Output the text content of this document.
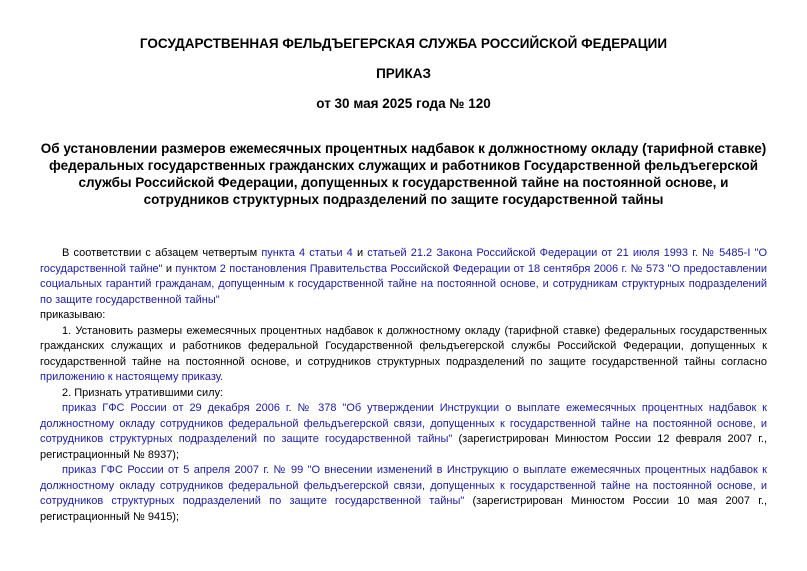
ГОСУДАРСТВЕННАЯ ФЕЛЬДЪЕГЕРСКАЯ СЛУЖБА РОССИЙСКОЙ ФЕДЕРАЦИИ
ПРИКАЗ
от 30 мая 2025 года № 120
Об установлении размеров ежемесячных процентных надбавок к должностному окладу (тарифной ставке) федеральных государственных гражданских служащих и работников Государственной фельдъегерской службы Российской Федерации, допущенных к государственной тайне на постоянной основе, и сотрудников структурных подразделений по защите государственной тайны

В соответствии с абзацем четвертым пункта 4 статьи 4 и статьей 21.2 Закона Российской Федерации от 21 июля 1993 г. № 5485-I "О государственной тайне" и пунктом 2 постановления Правительства Российской Федерации от 18 сентября 2006 г. № 573 "О предоставлении социальных гарантий гражданам, допущенным к государственной тайне на постоянной основе, и сотрудникам структурных подразделений по защите государственной тайны"

приказываю:

1. Установить размеры ежемесячных процентных надбавок к должностному окладу (тарифной ставке) федеральных государственных гражданских служащих и работников федеральной Государственной фельдъегерской службы Российской Федерации, допущенных к государственной тайне на постоянной основе, и сотрудников структурных подразделений по защите государственной тайны согласно приложению к настоящему приказу.

2. Признать утратившими силу:

приказ ГФС России от 29 декабря 2006 г. № 378 "Об утверждении Инструкции о выплате ежемесячных процентных надбавок к должностному окладу сотрудников федеральной фельдъегерской связи, допущенных к государственной тайне на постоянной основе, и сотрудников структурных подразделений по защите государственной тайны" (зарегистрирован Минюстом России 12 февраля 2007 г., регистрационный № 8937);

приказ ГФС России от 5 апреля 2007 г. № 99 "О внесении изменений в Инструкцию о выплате ежемесячных процентных надбавок к должностному окладу сотрудников федеральной фельдъегерской связи, допущенных к государственной тайне на постоянной основе, и сотрудников структурных подразделений по защите государственной тайны" (зарегистрирован Минюстом России 10 мая 2007 г., регистрационный № 9415);
